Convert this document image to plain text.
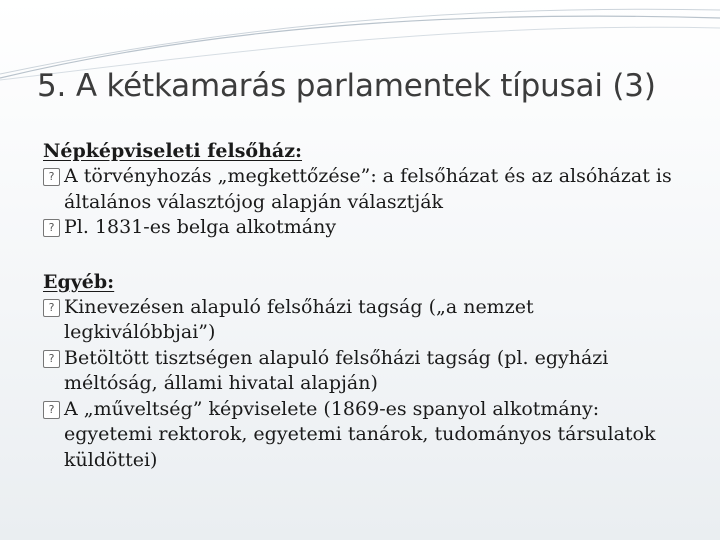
5. A kétkamarás parlamentek típusai (3)
Népképviseleti felsőház:
? A törvényhozás „megkettőzése”: a felsőházat és az alsóházat is általános választójog alapján választják
? Pl. 1831-es belga alkotmány
Egyéb:
? Kinevezésen alapuló felsőházi tagság („a nemzet legkiválóbbjai”)
? Betöltött tisztségen alapuló felsőházi tagság (pl. egyházi méltóság, állami hivatal alapján)
? A „műveltség” képviselete (1869-es spanyol alkotmány: egyetemi rektorok, egyetemi tanárok, tudományos társulatok küldöttei)
